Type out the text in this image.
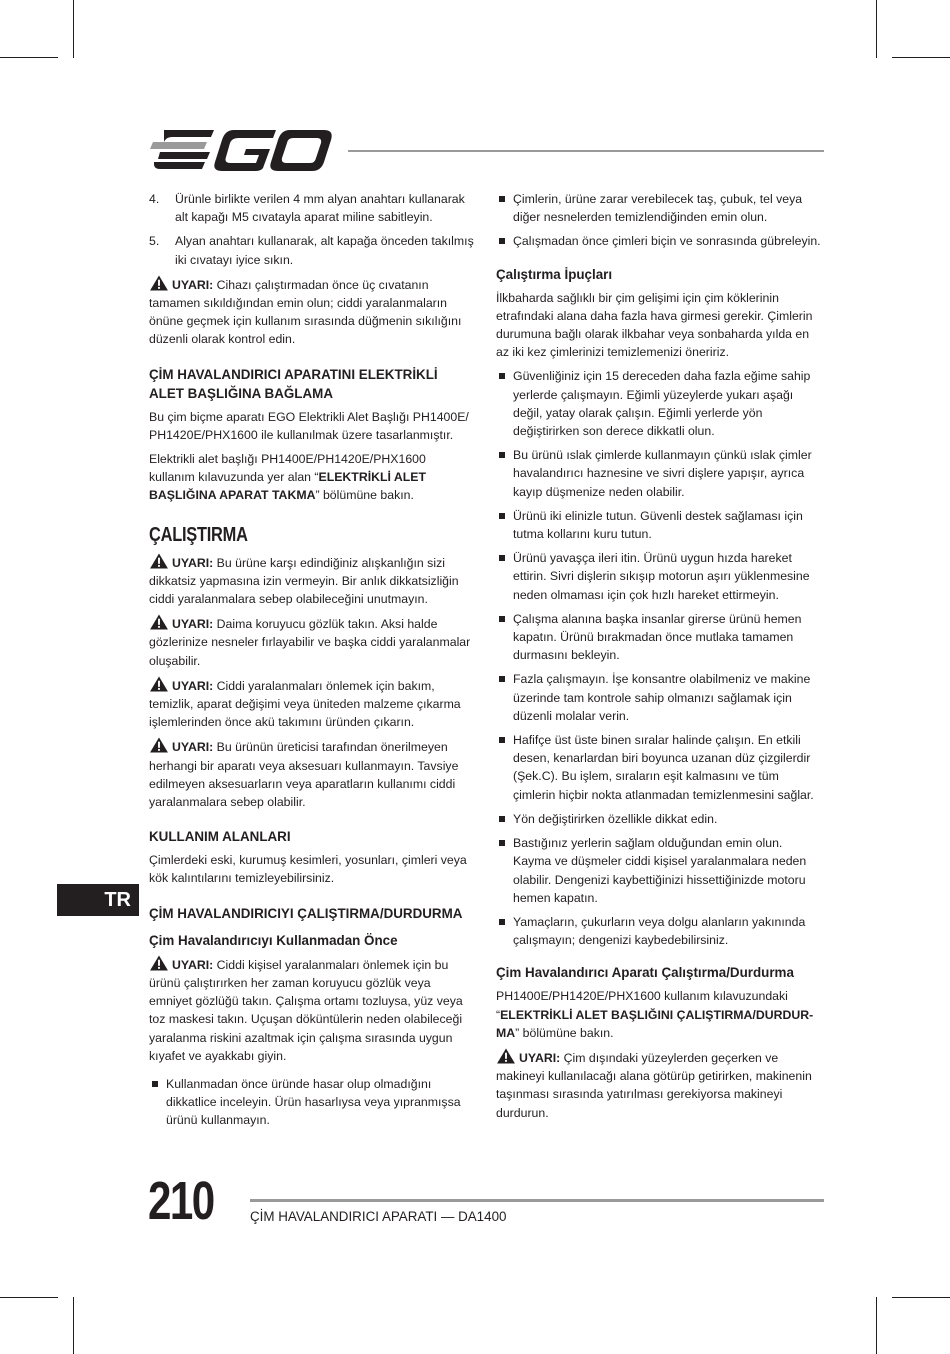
4. Ürünle birlikte verilen 4 mm alyan anahtarı kullanarak alt kapağı M5 cıvatayla aparat miline sabitleyin.
5. Alyan anahtarı kullanarak, alt kapağa önceden takılmış iki cıvatayı iyice sıkın.

UYARI: Cihazı çalıştırmadan önce üç cıvatanın tamamen sıkıldığından emin olun; ciddi yaralanmaların önüne geçmek için kullanım sırasında düğmenin sıkılığını düzenli olarak kontrol edin.

ÇİM HAVALANDIRICI APARATINI ELEKTRİKLİ ALET BAŞLIĞINA BAĞLAMA

Bu çim biçme aparatı EGO Elektrikli Alet Başlığı PH1400E/ PH1420E/PHX1600 ile kullanılmak üzere tasarlanmıştır.

Elektrikli alet başlığı PH1400E/PH1420E/PHX1600 kullanım kılavuzunda yer alan “ELEKTRİKLİ ALET BAŞLIĞINA APARAT TAKMA” bölümüne bakın.

ÇALIŞTIRMA

UYARI: Bu ürüne karşı edindiğiniz alışkanlığın sizi dikkatsiz yapmasına izin vermeyin. Bir anlık dikkatsizliğin ciddi yaralanmalara sebep olabileceğini unutmayın.

UYARI: Daima koruyucu gözlük takın. Aksi halde gözlerinize nesneler fırlayabilir ve başka ciddi yaralanmalar oluşabilir.

UYARI: Ciddi yaralanmaları önlemek için bakım, temizlik, aparat değişimi veya üniteden malzeme çıkarma işlemlerinden önce akü takımını üründen çıkarın.

UYARI: Bu ürünün üreticisi tarafından önerilmeyen herhangi bir aparatı veya aksesuarı kullanmayın. Tavsiye edilmeyen aksesuarların veya aparatların kullanımı ciddi yaralanmalara sebep olabilir.

KULLANIM ALANLARI

Çimlerdeki eski, kurumuş kesimleri, yosunları, çimleri veya kök kalıntılarını temizleyebilirsiniz.

ÇİM HAVALANDIRICIYI ÇALIŞTIRMA/DURDURMA
Çim Havalandırıcıyı Kullanmadan Önce

UYARI: Ciddi kişisel yaralanmaları önlemek için bu ürünü çalıştırırken her zaman koruyucu gözlük veya emniyet gözlüğü takın. Çalışma ortamı tozluysa, yüz veya toz maskesi takın. Uçuşan döküntülerin neden olabileceği yaralanma riskini azaltmak için çalışma sırasında uygun kıyafet ve ayakkabı giyin.

Kullanmadan önce üründe hasar olup olmadığını dikkatlice inceleyin. Ürün hasarlıysa veya yıpranmışsa ürünü kullanmayın.
Çimlerin, ürüne zarar verebilecek taş, çubuk, tel veya diğer nesnelerden temizlendiğinden emin olun.
Çalışmadan önce çimleri biçin ve sonrasında gübreleyin.
Çalıştırma İpuçları

İlkbaharda sağlıklı bir çim gelişimi için çim köklerinin etrafındaki alana daha fazla hava girmesi gerekir. Çimlerin durumuna bağlı olarak ilkbahar veya sonbaharda yılda en az iki kez çimlerinizi temizlemenizi öneririz.

Güvenliğiniz için 15 dereceden daha fazla eğime sahip yerlerde çalışmayın. Eğimli yüzeylerde yukarı aşağı değil, yatay olarak çalışın. Eğimli yerlerde yön değiştirirken son derece dikkatli olun.
Bu ürünü ıslak çimlerde kullanmayın çünkü ıslak çimler havalandırıcı haznesine ve sivri dişlere yapışır, ayrıca kayıp düşmenize neden olabilir.
Ürünü iki elinizle tutun. Güvenli destek sağlaması için tutma kollarını kuru tutun.
Ürünü yavaşça ileri itin. Ürünü uygun hızda hareket ettirin. Sivri dişlerin sıkışıp motorun aşırı yüklenmesine neden olmaması için çok hızlı hareket ettirmeyin.
Çalışma alanına başka insanlar girerse ürünü hemen kapatın. Ürünü bırakmadan önce mutlaka tamamen durmasını bekleyin.
Fazla çalışmayın. İşe konsantre olabilmeniz ve makine üzerinde tam kontrole sahip olmanızı sağlamak için düzenli molalar verin.
Hafifçe üst üste binen sıralar halinde çalışın. En etkili desen, kenarlardan biri boyunca uzanan düz çizgilerdir (Şek.C). Bu işlem, sıraların eşit kalmasını ve tüm çimlerin hiçbir nokta atlanmadan temizlenmesini sağlar.
Yön değiştirirken özellikle dikkat edin.
Bastığınız yerlerin sağlam olduğundan emin olun. Kayma ve düşmeler ciddi kişisel yaralanmalara neden olabilir. Dengenizi kaybettiğinizi hissettiğinizde motoru hemen kapatın.
Yamaçların, çukurların veya dolgu alanların yakınında çalışmayın; dengenizi kaybedebilirsiniz.
Çim Havalandırıcı Aparatı Çalıştırma/Durdurma

PH1400E/PH1420E/PHX1600 kullanım kılavuzundaki “ELEKTRİKLİ ALET BAŞLIĞINI ÇALIŞTIRMA/DURDUR-MA” bölümüne bakın.

UYARI: Çim dışındaki yüzeylerden geçerken ve makineyi kullanılacağı alana götürüp getirirken, makinenin taşınması sırasında yatırılması gerekiyorsa makineyi durdurun.

TR
210	ÇİM HAVALANDIRICI APARATI — DA1400
